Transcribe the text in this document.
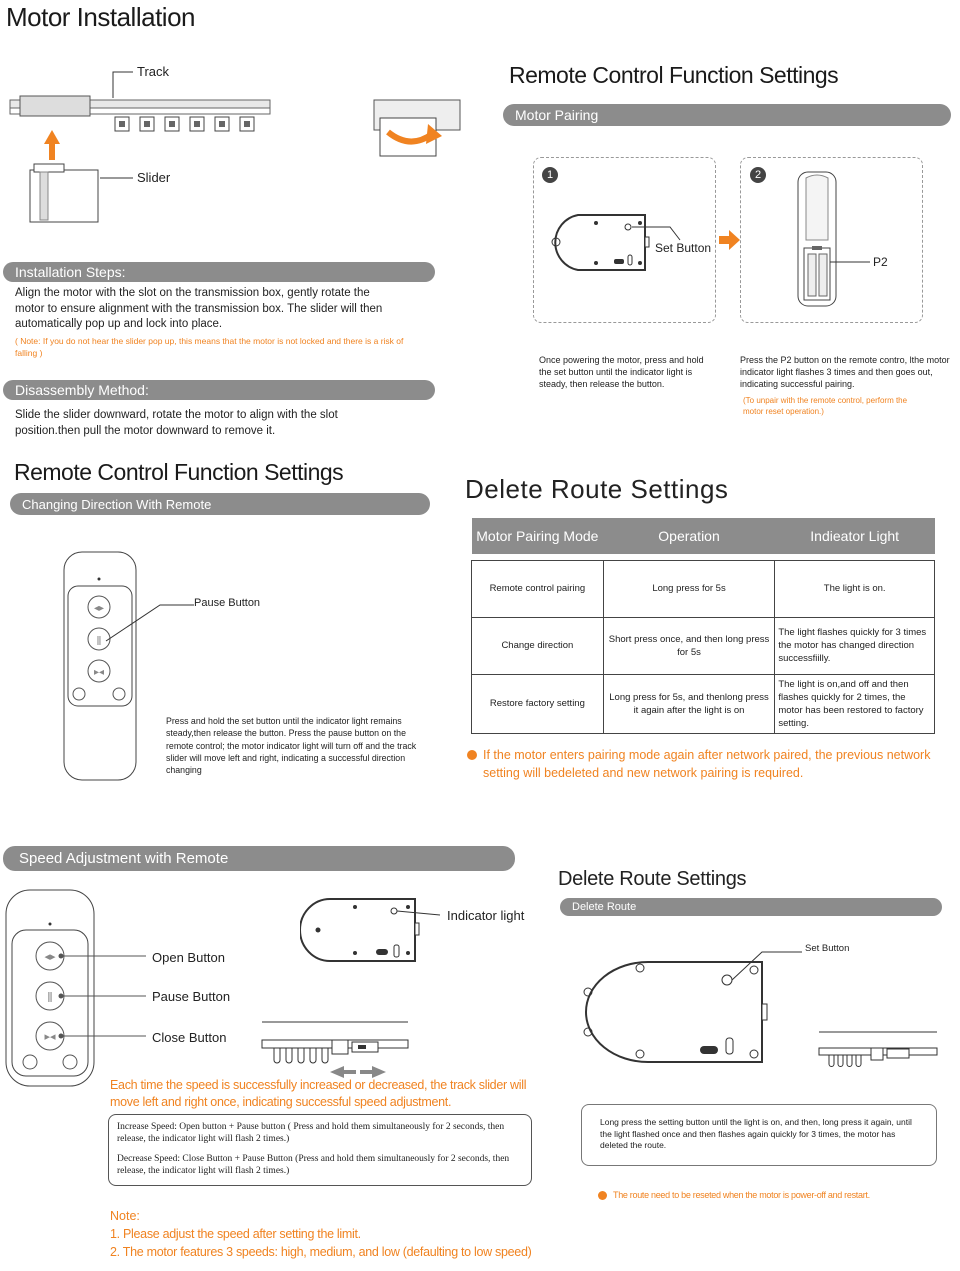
Motor Installation
Track
Slider
Installation Steps:
Align the motor with the slot on the transmission box, gently rotate the motor to ensure alignment with the transmission box. The slider will then automatically pop up and lock into place.
( Note: If you do not hear the slider pop up, this means that the motor is not locked and there is a risk of falling )
Disassembly Method:
Slide the slider downward, rotate the motor to align with the slot position.then pull the motor downward to remove it.
Remote Control Function Settings
Motor Pairing
1	2
Set Button
P2
Once powering the motor, press and hold the set button until the indicator light is steady, then release the button.
Press the P2 button on the remote contro, lthe motor indicator light flashes 3 times and then goes out, indicating successful pairing.
(To unpair with the remote control, perform the motor reset operation.)
Remote Control Function Settings
Changing Direction With Remote
◂▸
ǁ
▸◂
Pause Button
Press and hold the set button until the indicator light remains steady,then release the button. Press the pause button on the remote control; the motor indicator light will turn off and the track slider will move left and right, indicating a successful direction changing
Delete Route Settings
Motor Pairing Mode	Operation	Indieator Light

Remote control pairing	Long press for 5s	The light is on.
Change direction	Short press once, and then long press for 5s	The light flashes quickly for 3 times the motor has changed direction successfiilly.
Restore factory setting	Long press for 5s, and thenlong press it again after the light is on	The light is on,and off and then flashes quickly for 2 times, the motor has been restored to factory setting.
If the motor enters pairing mode again after network paired, the previous network setting will bedeleted and new network pairing is required.
Speed Adjustment with Remote
◂▸
ǁ
▸◂
Open Button
Pause Button
Close Button
Indicator light
Each time the speed is successfully increased or decreased, the track slider will move left and right once, indicating successful speed adjustment.
Increase Speed: Open button + Pause button ( Press and hold them simultaneously for 2 seconds, then release, the indicator light will flash 2 times.)
Decrease Speed: Close Button + Pause Button (Press and hold them simultaneously for 2 seconds, then release, the indicator light will flash 2 times.)
Note:
1. Please adjust the speed after setting the limit.
2. The motor features 3 speeds: high, medium, and low (defaulting to low speed)
Delete Route Settings
Delete Route
Set Button
Long press the setting button until the light is on, and then, long press it again, until the light flashed once and then flashes again quickly for 3 times, the motor has deleted the route.
The route need to be reseted when the motor is power-off and restart.
